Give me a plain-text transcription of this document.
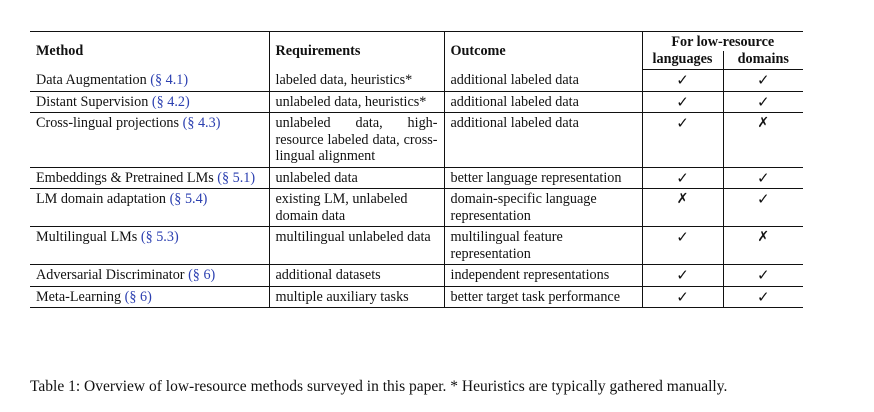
Method	Requirements	Outcome	For low-resource	
			languages	domains
Data Augmentation (§ 4.1)	labeled data, heuristics*	additional labeled data	✓	✓
Distant Supervision (§ 4.2)	unlabeled data, heuristics*	additional labeled data	✓	✓
Cross-lingual projections (§ 4.3)	unlabeled data, high-resource labeled data, cross-lingual alignment	additional labeled data	✓	✗
Embeddings & Pretrained LMs (§ 5.1)	unlabeled data	better language representation	✓	✓
LM domain adaptation (§ 5.4)	existing LM, unlabeled domain data	domain-specific language representation	✗	✓
Multilingual LMs (§ 5.3)	multilingual unlabeled data	multilingual feature representation	✓	✗
Adversarial Discriminator (§ 6)	additional datasets	independent representations	✓	✓
Meta-Learning (§ 6)	multiple auxiliary tasks	better target task performance	✓	✓
Table 1: Overview of low-resource methods surveyed in this paper. * Heuristics are typically gathered manually.
